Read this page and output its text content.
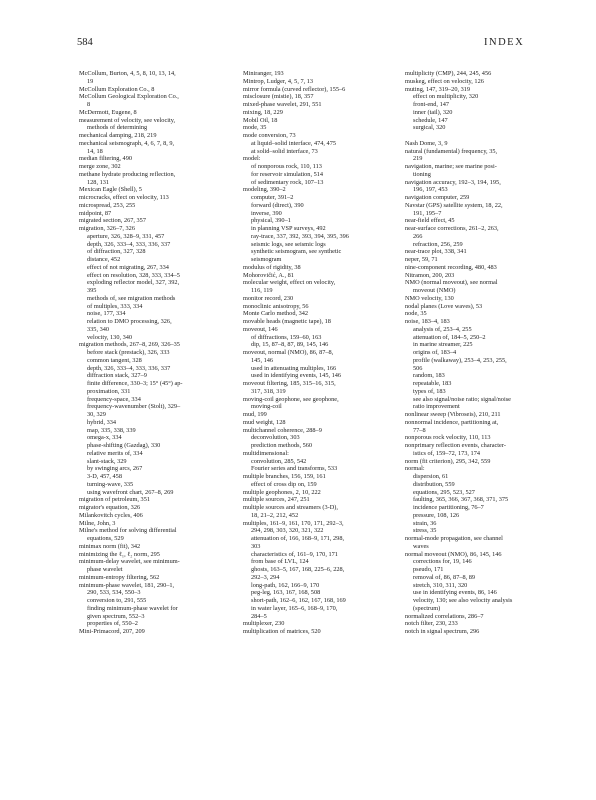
584	INDEX
McCollum, Burton, 4, 5, 8, 10, 13, 14,
19
McCollum Exploration Co., 8
McCollum Geological Exploration Co.,
8
McDermott, Eugene, 8
measurement of velocity, see velocity,
methods of determining
mechanical damping, 218, 219
mechanical seismograph, 4, 6, 7, 8, 9,
14, 18
median filtering, 490
merge zone, 302
methane hydrate producing reflection,
128, 131
Mexican Eagle (Shell), 5
microcracks, effect on velocity, 113
microspread, 253, 255
midpoint, 87
migrated section, 267, 357
migration, 326–7, 326
aperture, 326, 328–9, 331, 457
depth, 326, 333–4, 333, 336, 337
of diffraction, 327, 328
distance, 452
effect of not migrating, 267, 334
effect on resolution, 328, 333, 334–5
exploding reflector model, 327, 392,
395
methods of, see migration methods
of multiples, 333, 334
noise, 177, 334
relation to DMO processing, 326,
335, 340
velocity, 130, 340
migration methods, 267–8, 269, 326–35
before stack (prestack), 326, 333
common tangent, 328
depth, 326, 333–4, 333, 336, 337
diffraction stack, 327–9
finite difference, 330–3; 15° (45°) ap-
proximation, 331
frequency-space, 334
frequency-wavenumber (Stolt), 329–
30, 329
hybrid, 334
map, 335, 338, 339
omega-x, 334
phase-shifting (Gazdag), 330
relative merits of, 334
slant-stack, 329
by swinging arcs, 267
3-D, 457, 458
turning-wave, 335
using wavefront chart, 267–8, 269
migration of petroleum, 351
migrator's equation, 326
Milankovitch cycles, 406
Milne, John, 3
Milne's method for solving differential
equations, 529
minimax norm (fit), 342
minimizing the ℓ₁, ℓ₂ norm, 295
minimum-delay wavelet, see minimum-
phase wavelet
minimum-entropy filtering, 562
minimum-phase wavelet, 181, 290–1,
290, 533, 534, 550–3
conversion to, 291, 555
finding minimum-phase wavelet for
given spectrum, 552–3
properties of, 550–2
Mini-Primacord, 207, 209
Miniranger, 193
Mintrop, Ludger, 4, 5, 7, 13
mirror formula (curved reflector), 155–6
misclosure (mistie), 18, 357
mixed-phase wavelet, 291, 551
mixing, 18, 229
Mobil Oil, 18
mode, 35
mode conversion, 73
at liquid–solid interface, 474, 475
at solid–solid interface, 73
model:
of nonporous rock, 110, 113
for reservoir simulation, 514
of sedimentary rock, 107–13
modeling, 390–2
computer, 391–2
forward (direct), 390
inverse, 390
physical, 390–1
in planning VSP surveys, 492
ray-trace, 337, 392, 393, 394, 395, 396
seismic logs, see seismic logs
synthetic seismogram, see synthetic
seismogram
modulus of rigidity, 38
Mohorovičić, A., 81
molecular weight, effect on velocity,
116, 119
monitor record, 230
monoclinic anisotropy, 56
Monte Carlo method, 342
movable heads (magnetic tape), 18
moveout, 146
of diffractions, 159–60, 163
dip, 15, 87–8, 87, 89, 145, 146
moveout, normal (NMO), 86, 87–8,
145, 146
used in attenuating multiples, 166
used in identifying events, 145, 146
moveout filtering, 185, 315–16, 315,
317, 318, 319
moving-coil geophone, see geophone,
moving-coil
mud, 199
mud weight, 128
multichannel coherence, 288–9
deconvolution, 303
prediction methods, 560
multidimensional:
convolution, 285, 542
Fourier series and transforms, 533
multiple branches, 156, 159, 161
effect of cross dip on, 159
multiple geophones, 2, 10, 222
multiple sources, 247, 251
multiple sources and streamers (3-D),
18, 21–2, 212, 452
multiples, 161–9, 161, 170, 171, 292–3,
294, 298, 303, 320, 321, 322
attenuation of, 166, 168–9, 171, 298,
303
characteristics of, 161–9, 170, 171
from base of LVL, 124
ghosts, 163–5, 167, 168, 225–6, 228,
292–3, 294
long-path, 162, 166–9, 170
peg-leg, 163, 167, 168, 508
short-path, 162–6, 162, 167, 168, 169
in water layer, 165–6, 168–9, 170,
284–5
multiplexer, 230
multiplication of matrices, 520
multiplicity (CMP), 244, 245, 456
muskeg, effect on velocity, 126
muting, 147, 319–20, 319
effect on multiplicity, 320
front-end, 147
inner (tail), 320
schedule, 147
surgical, 320
Nash Dome, 3, 9
natural (fundamental) frequency, 35,
219
navigation, marine; see marine posi-
tioning
navigation accuracy, 192–3, 194, 195,
196, 197, 453
navigation computer, 259
Navstar (GPS) satellite system, 18, 22,
191, 195–7
near-field effect, 45
near-surface corrections, 261–2, 263,
266
refraction, 256, 259
near-trace plot, 338, 341
neper, 59, 71
nine-component recording, 480, 483
Nitramon, 200, 203
NMO (normal moveout), see normal
moveout (NMO)
NMO velocity, 130
nodal planes (Love waves), 53
node, 35
noise, 183–4, 183
analysis of, 253–4, 255
attenuation of, 184–5, 250–2
in marine streamer, 225
origins of, 183–4
profile (walkaway), 253–4, 253, 255,
506
random, 183
repeatable, 183
types of, 183
see also signal/noise ratio; signal/noise
ratio improvement
nonlinear sweep (Vibroseis), 210, 211
nonnormal incidence, partitioning at,
77–8
nonporous rock velocity, 110, 113
nonprimary reflection events, character-
istics of, 159–72, 173, 174
norm (fit criterion), 295, 342, 559
normal:
dispersion, 61
distribution, 559
equations, 295, 523, 527
faulting, 365, 366, 367, 368, 371, 375
incidence partitioning, 76–7
pressure, 108, 126
strain, 36
stress, 35
normal-mode propagation, see channel
waves
normal moveout (NMO), 86, 145, 146
corrections for, 19, 146
pseudo, 171
removal of, 86, 87–8, 89
stretch, 310, 311, 320
use in identifying events, 86, 146
velocity, 130; see also velocity analysis
(spectrum)
normalized correlations, 286–7
notch filter, 230, 233
notch in signal spectrum, 296
